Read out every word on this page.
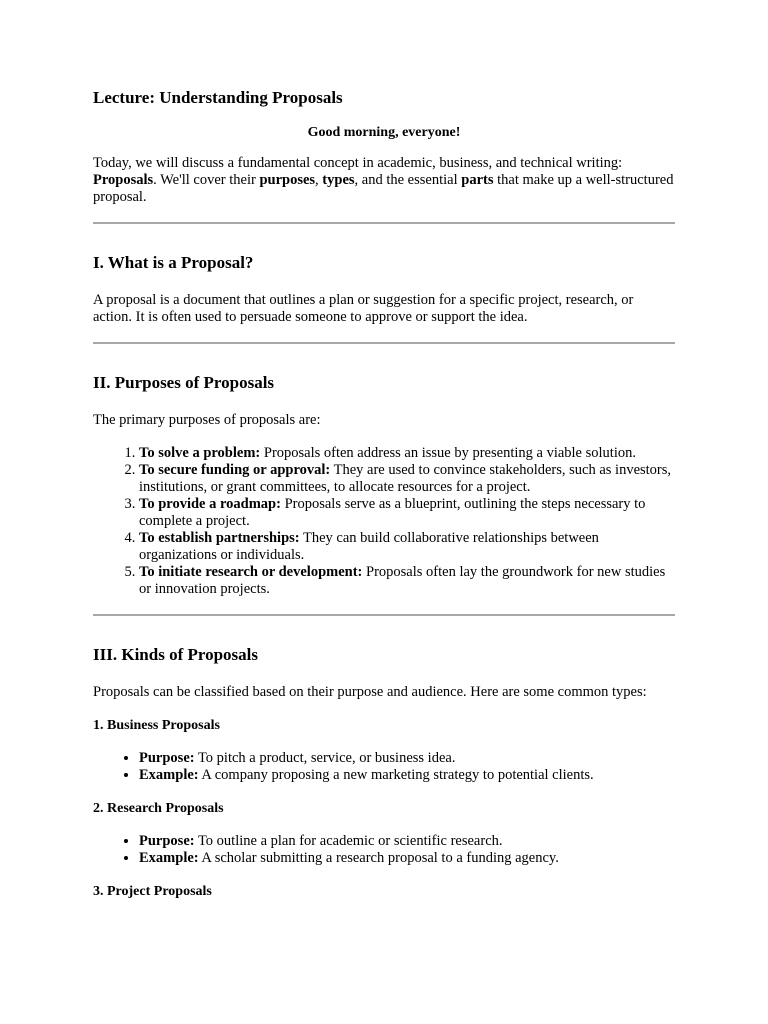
Lecture: Understanding Proposals
Good morning, everyone!

Today, we will discuss a fundamental concept in academic, business, and technical writing: Proposals. We'll cover their purposes, types, and the essential parts that make up a well-structured proposal.

I. What is a Proposal?

A proposal is a document that outlines a plan or suggestion for a specific project, research, or action. It is often used to persuade someone to approve or support the idea.

II. Purposes of Proposals

The primary purposes of proposals are:

1. To solve a problem: Proposals often address an issue by presenting a viable solution.
2. To secure funding or approval: They are used to convince stakeholders, such as investors, institutions, or grant committees, to allocate resources for a project.
3. To provide a roadmap: Proposals serve as a blueprint, outlining the steps necessary to complete a project.
4. To establish partnerships: They can build collaborative relationships between organizations or individuals.
5. To initiate research or development: Proposals often lay the groundwork for new studies or innovation projects.
III. Kinds of Proposals

Proposals can be classified based on their purpose and audience. Here are some common types:

1. Business Proposals
• Purpose: To pitch a product, service, or business idea.
• Example: A company proposing a new marketing strategy to potential clients.
2. Research Proposals
• Purpose: To outline a plan for academic or scientific research.
• Example: A scholar submitting a research proposal to a funding agency.
3. Project Proposals
